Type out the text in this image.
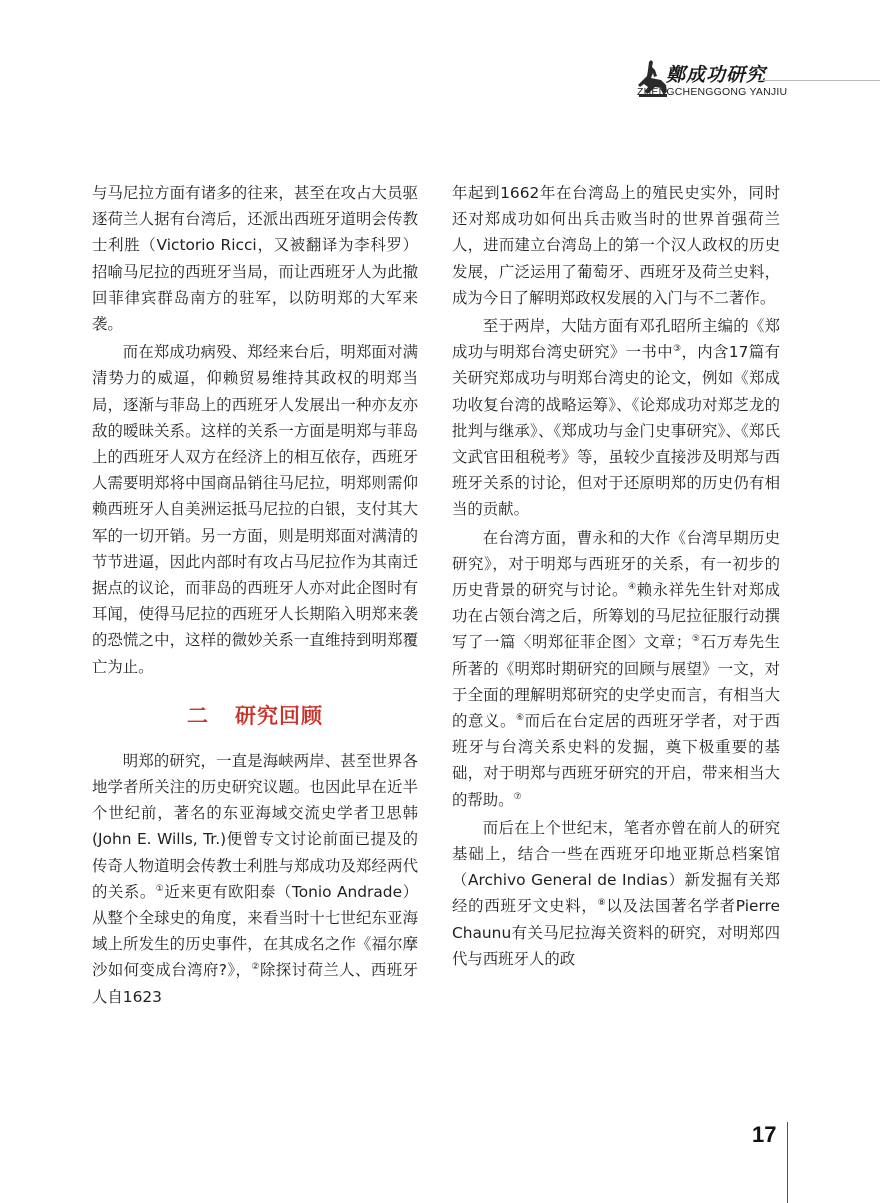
鄭成功研究
ZHENGCHENGGONG YANJIU

与马尼拉方面有诸多的往来，甚至在攻占大员驱逐荷兰人据有台湾后，还派出西班牙道明会传教士利胜（Victorio Ricci，又被翻译为李科罗）招喻马尼拉的西班牙当局，而让西班牙人为此撤回菲律宾群岛南方的驻军，以防明郑的大军来袭。

而在郑成功病殁、郑经来台后，明郑面对满清势力的威逼，仰赖贸易维持其政权的明郑当局，逐渐与菲岛上的西班牙人发展出一种亦友亦敌的暧昧关系。这样的关系一方面是明郑与菲岛上的西班牙人双方在经济上的相互依存，西班牙人需要明郑将中国商品销往马尼拉，明郑则需仰赖西班牙人自美洲运抵马尼拉的白银，支付其大军的一切开销。另一方面，则是明郑面对满清的节节进逼，因此内部时有攻占马尼拉作为其南迁据点的议论，而菲岛的西班牙人亦对此企图时有耳闻，使得马尼拉的西班牙人长期陷入明郑来袭的恐慌之中，这样的微妙关系一直维持到明郑覆亡为止。

二 研究回顾

明郑的研究，一直是海峡两岸、甚至世界各地学者所关注的历史研究议题。也因此早在近半个世纪前，著名的东亚海域交流史学者卫思韩(John E. Wills, Tr.)便曾专文讨论前面已提及的传奇人物道明会传教士利胜与郑成功及郑经两代的关系。①近来更有欧阳泰（Tonio Andrade）从整个全球史的角度，来看当时十七世纪东亚海域上所发生的历史事件，在其成名之作《福尔摩沙如何变成台湾府?》，②除探讨荷兰人、西班牙人自1623

年起到1662年在台湾岛上的殖民史实外，同时还对郑成功如何出兵击败当时的世界首强荷兰人，进而建立台湾岛上的第一个汉人政权的历史发展，广泛运用了葡萄牙、西班牙及荷兰史料，成为今日了解明郑政权发展的入门与不二著作。

至于两岸，大陆方面有邓孔昭所主编的《郑成功与明郑台湾史研究》一书中③，内含17篇有关研究郑成功与明郑台湾史的论文，例如《郑成功收复台湾的战略运筹》、《论郑成功对郑芝龙的批判与继承》、《郑成功与金门史事研究》、《郑氏文武官田租税考》等，虽较少直接涉及明郑与西班牙关系的讨论，但对于还原明郑的历史仍有相当的贡献。

在台湾方面，曹永和的大作《台湾早期历史研究》，对于明郑与西班牙的关系，有一初步的历史背景的研究与讨论。④赖永祥先生针对郑成功在占领台湾之后，所筹划的马尼拉征服行动撰写了一篇〈明郑征菲企图〉文章；⑤石万寿先生所著的《明郑时期研究的回顾与展望》一文，对于全面的理解明郑研究的史学史而言，有相当大的意义。⑥而后在台定居的西班牙学者，对于西班牙与台湾关系史料的发掘，奠下极重要的基础，对于明郑与西班牙研究的开启，带来相当大的帮助。⑦

而后在上个世纪末，笔者亦曾在前人的研究基础上，结合一些在西班牙印地亚斯总档案馆（Archivo General de Indias）新发掘有关郑经的西班牙文史料，⑧以及法国著名学者Pierre Chaunu有关马尼拉海关资料的研究，对明郑四代与西班牙人的政

17
